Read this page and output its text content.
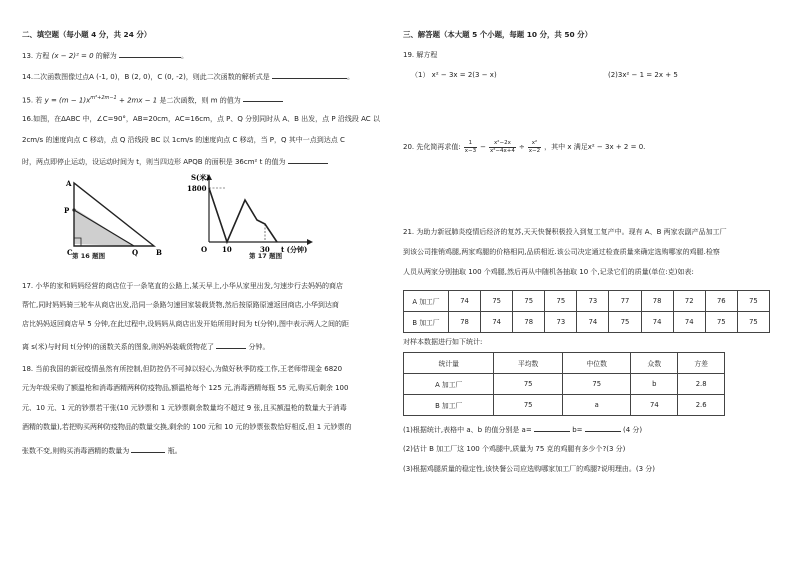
二、填空题（每小题 4 分，共 24 分）
13. 方程 (x − 2)² = 0 的解为	。
14.二次函数图像过点A (-1, 0)，B (2, 0)，C (0, -2)，则此二次函数的解析式是	。
15. 若 $y = (m - 1)x^{m^2+2m-1} + 2mx - 1$ 是二次函数，则 m 的值为
16.如图，在ΔABC 中，∠C=90°，AB=20cm，AC=16cm，点 P、Q 分别同时从 A、B 出发，点 P 沿线段 AC 以
2cm/s 的速度向点 C 移动，点 Q 沿线段 BC 以 1cm/s 的速度向点 C 移动，当 P，Q 其中一点到达点 C
时，两点即停止运动，设运动时间为 t，则当四边形 APQB 的面积是 36cm² t 的值为
A
P
C	Q	B
第 16 题图
S(米)
1800
O 10	30 t (分钟)
第 17 题图
17. 小华的家和妈妈经营的商店位于一条笔直的公路上,某天早上,小华从家里出发,匀速步行去妈妈的商店
帮忙,同时妈妈骑三轮车从商店出发,沿同一条路匀速回家装载货物,然后按原路原速返回商店,小华到达商
店比妈妈返回商店早 5 分钟,在此过程中,设妈妈从商店出发开始所用时间为 t(分钟),图中表示两人之间的距
离 s(米)与时间 t(分钟)的函数关系的图象,则妈妈装载货物花了	分钟。
18. 当前我国的新冠疫情虽然有所控制,但防控仍不可掉以轻心,为做好秋季防疫工作,王老师带现金 6820
元为年级采购了额温枪和消毒酒精两种防疫物品,额温枪每个 125 元,消毒酒精每瓶 55 元,购买后剩余 100
元、10 元、1 元的钞票若干张(10 元钞票和 1 元钞票剩余数量均不超过 9 张,且买额温枪的数量大于消毒
酒精的数量),若把购买两种防疫物品的数量交换,剩余的 100 元和 10 元的钞票张数恰好相反,但 1 元钞票的
张数不变,则购买消毒酒精的数量为	瓶。
三、解答题（本大题 5 个小题，每题 10 分，共 50 分）
19. 解方程
（1） x² − 3x = 2(3 − x)	(2)3x² − 1 = 2x + 5
20. 先化简再求值: $\frac{1}{x-3} - \frac{\text{x²−2x}}{\text{x²−4x+4}} \div \frac{\text{x²}}{x-2}$ ，其中 x 满足x² − 3x + 2 = 0.
21. 为助力新冠肺炎疫情后经济的复苏,天天快餐积极投入到复工复产中。现有 A、B 两家农副产品加工厂
到该公司推销鸡腿,两家鸡腿的价格相同,品质相近.该公司决定通过检查质量来确定选购哪家的鸡腿.检察
人员从两家分别抽取 100 个鸡腿,然后再从中随机各抽取 10 个,记录它们的质量(单位:克)如表:
A 加工厂	74	75	75	75	73	77	78	72	76	75
B 加工厂	78	74	78	73	74	75	74	74	75	75
对样本数据进行如下统计:
统计量	平均数	中位数	众数	方差
A 加工厂	75	75	b	2.8
B 加工厂	75	a	74	2.6
(1)根据统计,表格中 a、b 的值分别是 a=	b=	(4 分)
(2)估计 B 加工厂这 100 个鸡腿中,质量为 75 克的鸡腿有多少个?(3 分)
(3)根据鸡腿质量的稳定性,该快餐公司应选购哪家加工厂的鸡腿?说明理由。(3 分)
